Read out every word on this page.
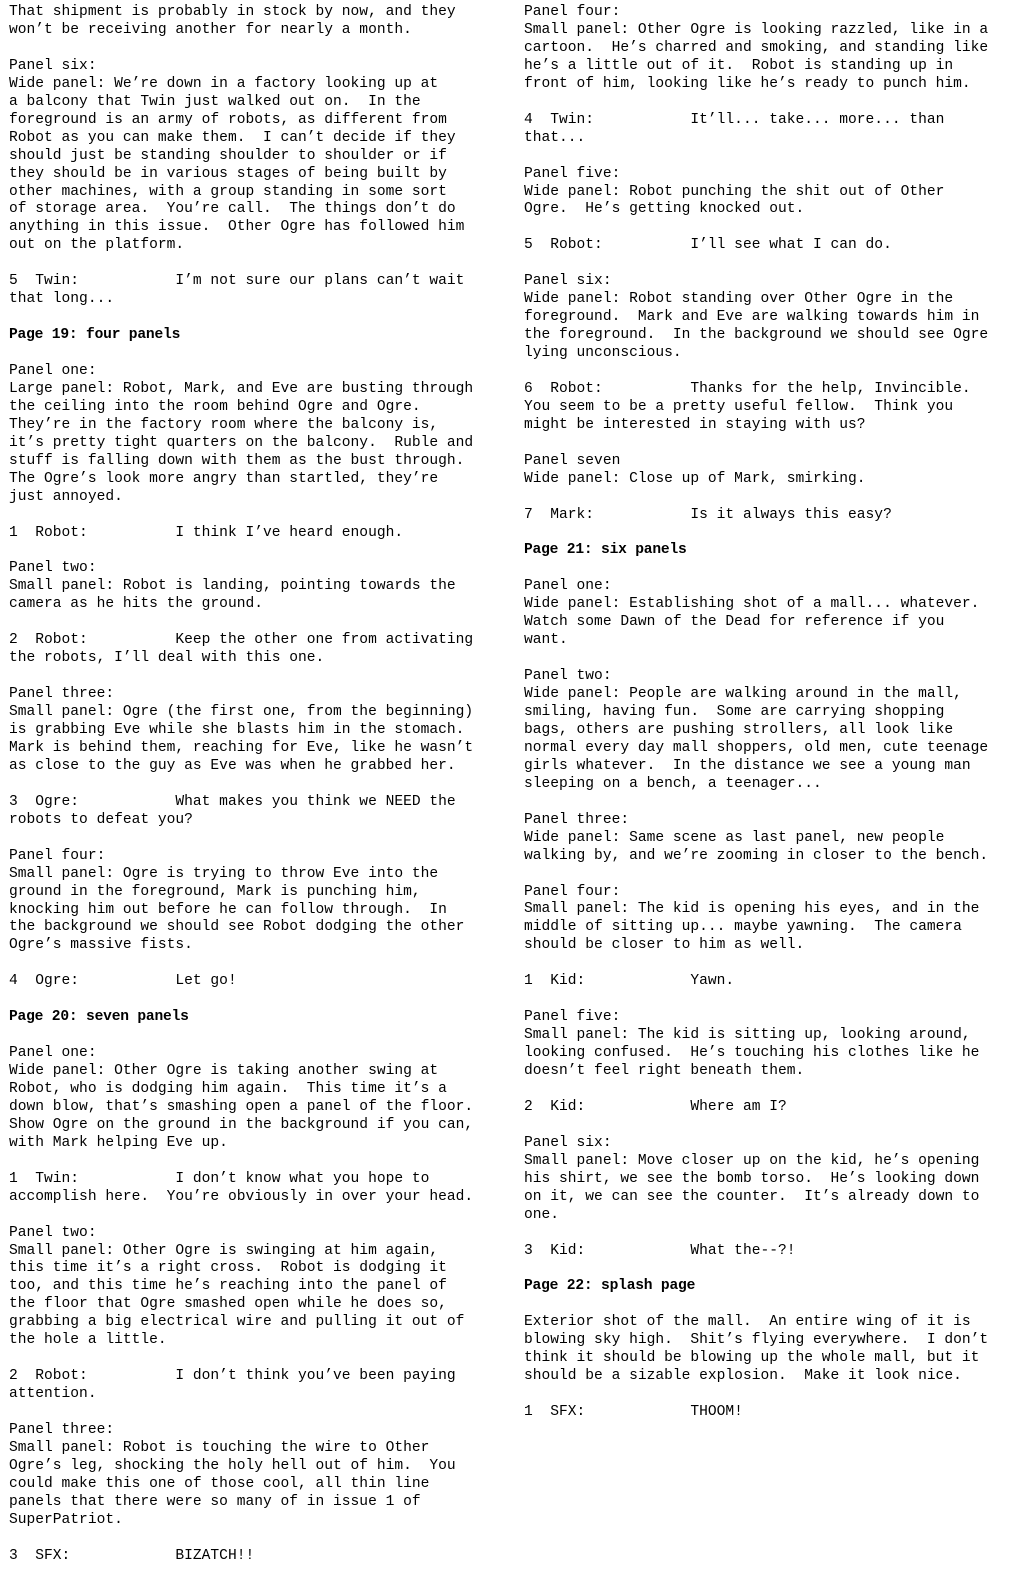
That shipment is probably in stock by now, and they
won’t be receiving another for nearly a month.
Panel six:
Wide panel: We’re down in a factory looking up at
a balcony that Twin just walked out on.  In the
foreground is an army of robots, as different from
Robot as you can make them.  I can’t decide if they
should just be standing shoulder to shoulder or if
they should be in various stages of being built by
other machines, with a group standing in some sort
of storage area.  You’re call.  The things don’t do
anything in this issue.  Other Ogre has followed him
out on the platform.
5  Twin:           I’m not sure our plans can’t wait
that long...
Page 19: four panels
Panel one:
Large panel: Robot, Mark, and Eve are busting through
the ceiling into the room behind Ogre and Ogre.
They’re in the factory room where the balcony is,
it’s pretty tight quarters on the balcony.  Ruble and
stuff is falling down with them as the bust through.
The Ogre’s look more angry than startled, they’re
just annoyed.
1  Robot:          I think I’ve heard enough.
Panel two:
Small panel: Robot is landing, pointing towards the
camera as he hits the ground.
2  Robot:          Keep the other one from activating
the robots, I’ll deal with this one.
Panel three:
Small panel: Ogre (the first one, from the beginning)
is grabbing Eve while she blasts him in the stomach.
Mark is behind them, reaching for Eve, like he wasn’t
as close to the guy as Eve was when he grabbed her.
3  Ogre:           What makes you think we NEED the
robots to defeat you?
Panel four:
Small panel: Ogre is trying to throw Eve into the
ground in the foreground, Mark is punching him,
knocking him out before he can follow through.  In
the background we should see Robot dodging the other
Ogre’s massive fists.
4  Ogre:           Let go!
Page 20: seven panels
Panel one:
Wide panel: Other Ogre is taking another swing at
Robot, who is dodging him again.  This time it’s a
down blow, that’s smashing open a panel of the floor.
Show Ogre on the ground in the background if you can,
with Mark helping Eve up.
1  Twin:           I don’t know what you hope to
accomplish here.  You’re obviously in over your head.
Panel two:
Small panel: Other Ogre is swinging at him again,
this time it’s a right cross.  Robot is dodging it
too, and this time he’s reaching into the panel of
the floor that Ogre smashed open while he does so,
grabbing a big electrical wire and pulling it out of
the hole a little.
2  Robot:          I don’t think you’ve been paying
attention.
Panel three:
Small panel: Robot is touching the wire to Other
Ogre’s leg, shocking the holy hell out of him.  You
could make this one of those cool, all thin line
panels that there were so many of in issue 1 of
SuperPatriot.
3  SFX:            BIZATCH!!
Panel four:
Small panel: Other Ogre is looking razzled, like in a
cartoon.  He’s charred and smoking, and standing like
he’s a little out of it.  Robot is standing up in
front of him, looking like he’s ready to punch him.
4  Twin:           It’ll... take... more... than
that...
Panel five:
Wide panel: Robot punching the shit out of Other
Ogre.  He’s getting knocked out.
5  Robot:          I’ll see what I can do.
Panel six:
Wide panel: Robot standing over Other Ogre in the
foreground.  Mark and Eve are walking towards him in
the foreground.  In the background we should see Ogre
lying unconscious.
6  Robot:          Thanks for the help, Invincible.
You seem to be a pretty useful fellow.  Think you
might be interested in staying with us?
Panel seven
Wide panel: Close up of Mark, smirking.
7  Mark:           Is it always this easy?
Page 21: six panels
Panel one:
Wide panel: Establishing shot of a mall... whatever.
Watch some Dawn of the Dead for reference if you
want.
Panel two:
Wide panel: People are walking around in the mall,
smiling, having fun.  Some are carrying shopping
bags, others are pushing strollers, all look like
normal every day mall shoppers, old men, cute teenage
girls whatever.  In the distance we see a young man
sleeping on a bench, a teenager...
Panel three:
Wide panel: Same scene as last panel, new people
walking by, and we’re zooming in closer to the bench.
Panel four:
Small panel: The kid is opening his eyes, and in the
middle of sitting up... maybe yawning.  The camera
should be closer to him as well.
1  Kid:            Yawn.
Panel five:
Small panel: The kid is sitting up, looking around,
looking confused.  He’s touching his clothes like he
doesn’t feel right beneath them.
2  Kid:            Where am I?
Panel six:
Small panel: Move closer up on the kid, he’s opening
his shirt, we see the bomb torso.  He’s looking down
on it, we can see the counter.  It’s already down to
one.
3  Kid:            What the--?!
Page 22: splash page
Exterior shot of the mall.  An entire wing of it is
blowing sky high.  Shit’s flying everywhere.  I don’t
think it should be blowing up the whole mall, but it
should be a sizable explosion.  Make it look nice.
1  SFX:            THOOM!
